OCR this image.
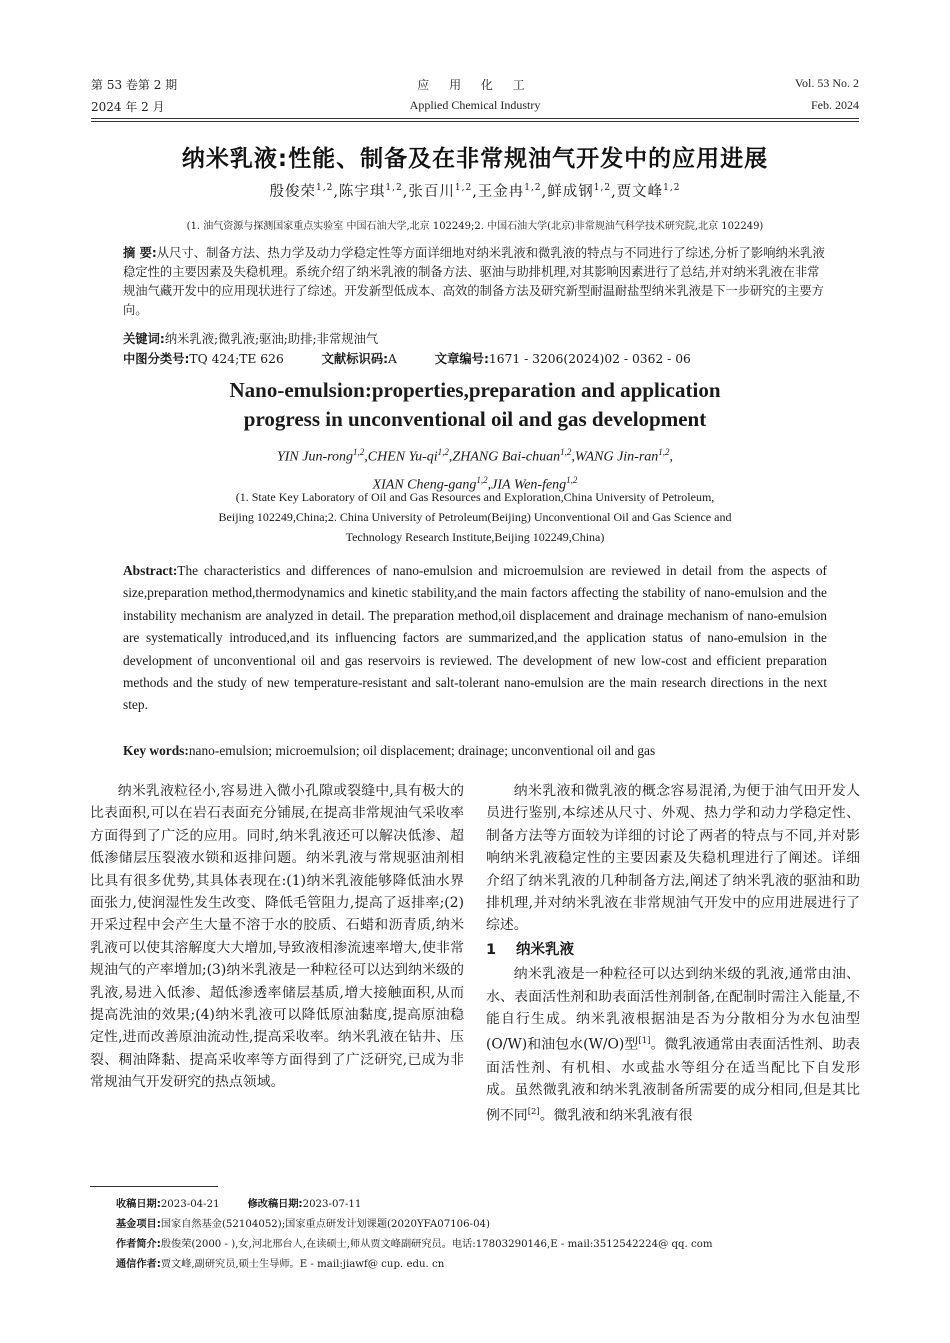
第 53 卷第 2 期
2024 年 2 月
应 用 化 工
Applied Chemical Industry
Vol. 53 No. 2
Feb. 2024
纳米乳液:性能、制备及在非常规油气开发中的应用进展
殷俊荣$^{1,2}$,陈宇琪$^{1,2}$,张百川$^{1,2}$,王金冉$^{1,2}$,鲜成钢$^{1,2}$,贾文峰$^{1,2}$
(1. 油气资源与探测国家重点实验室 中国石油大学,北京 102249;2. 中国石油大学(北京)非常规油气科学技术研究院,北京 102249)
摘 要:从尺寸、制备方法、热力学及动力学稳定性等方面详细地对纳米乳液和微乳液的特点与不同进行了综述,分析了影响纳米乳液稳定性的主要因素及失稳机理。系统介绍了纳米乳液的制备方法、驱油与助排机理,对其影响因素进行了总结,并对纳米乳液在非常规油气藏开发中的应用现状进行了综述。开发新型低成本、高效的制备方法及研究新型耐温耐盐型纳米乳液是下一步研究的主要方向。
关键词:纳米乳液;微乳液;驱油;助排;非常规油气
中图分类号:TQ 424;TE 626	文献标识码:A	文章编号:1671 - 3206(2024)02 - 0362 - 06
Nano-emulsion:properties,preparation and application
progress in unconventional oil and gas development
YIN Jun-rong$^{1,2}$,CHEN Yu-qi$^{1,2}$,ZHANG Bai-chuan$^{1,2}$,WANG Jin-ran$^{1,2}$,
XIAN Cheng-gang$^{1,2}$,JIA Wen-feng$^{1,2}$
(1. State Key Laboratory of Oil and Gas Resources and Exploration,China University of Petroleum,
Beijing 102249,China;2. China University of Petroleum(Beijing) Unconventional Oil and Gas Science and
Technology Research Institute,Beijing 102249,China)
Abstract:The characteristics and differences of nano-emulsion and microemulsion are reviewed in detail from the aspects of size,preparation method,thermodynamics and kinetic stability,and the main factors affecting the stability of nano-emulsion and the instability mechanism are analyzed in detail. The preparation method,oil displacement and drainage mechanism of nano-emulsion are systematically introduced,and its influencing factors are summarized,and the application status of nano-emulsion in the development of unconventional oil and gas reservoirs is reviewed. The development of new low-cost and efficient preparation methods and the study of new temperature-resistant and salt-tolerant nano-emulsion are the main research directions in the next step.
Key words:nano-emulsion; microemulsion; oil displacement; drainage; unconventional oil and gas

纳米乳液粒径小,容易进入微小孔隙或裂缝中,具有极大的比表面积,可以在岩石表面充分铺展,在提高非常规油气采收率方面得到了广泛的应用。同时,纳米乳液还可以解决低渗、超低渗储层压裂液水锁和返排问题。纳米乳液与常规驱油剂相比具有很多优势,其具体表现在:(1)纳米乳液能够降低油水界面张力,使润湿性发生改变、降低毛管阻力,提高了返排率;(2)开采过程中会产生大量不溶于水的胶质、石蜡和沥青质,纳米乳液可以使其溶解度大大增加,导致液相渗流速率增大,使非常规油气的产率增加;(3)纳米乳液是一种粒径可以达到纳米级的乳液,易进入低渗、超低渗透率储层基质,增大接触面积,从而提高洗油的效果;(4)纳米乳液可以降低原油黏度,提高原油稳定性,进而改善原油流动性,提高采收率。纳米乳液在钻井、压裂、稠油降黏、提高采收率等方面得到了广泛研究,已成为非常规油气开发研究的热点领域。

纳米乳液和微乳液的概念容易混淆,为便于油气田开发人员进行鉴别,本综述从尺寸、外观、热力学和动力学稳定性、制备方法等方面较为详细的讨论了两者的特点与不同,并对影响纳米乳液稳定性的主要因素及失稳机理进行了阐述。详细介绍了纳米乳液的几种制备方法,阐述了纳米乳液的驱油和助排机理,并对纳米乳液在非常规油气开发中的应用进展进行了综述。

1 纳米乳液

纳米乳液是一种粒径可以达到纳米级的乳液,通常由油、水、表面活性剂和助表面活性剂制备,在配制时需注入能量,不能自行生成。纳米乳液根据油是否为分散相分为水包油型(O/W)和油包水(W/O)型[1]。微乳液通常由表面活性剂、助表面活性剂、有机相、水或盐水等组分在适当配比下自发形成。虽然微乳液和纳米乳液制备所需要的成分相同,但是其比例不同[2]。微乳液和纳米乳液有很

收稿日期:2023-04-21	修改稿日期:2023-07-11
基金项目:国家自然基金(52104052);国家重点研发计划课题(2020YFA07106-04)
作者简介:殷俊荣(2000 - ),女,河北邢台人,在读硕士,师从贾文峰副研究员。电话:17803290146,E - mail:3512542224@ qq. com
通信作者:贾文峰,副研究员,硕士生导师。E - mail:jiawf@ cup. edu. cn
